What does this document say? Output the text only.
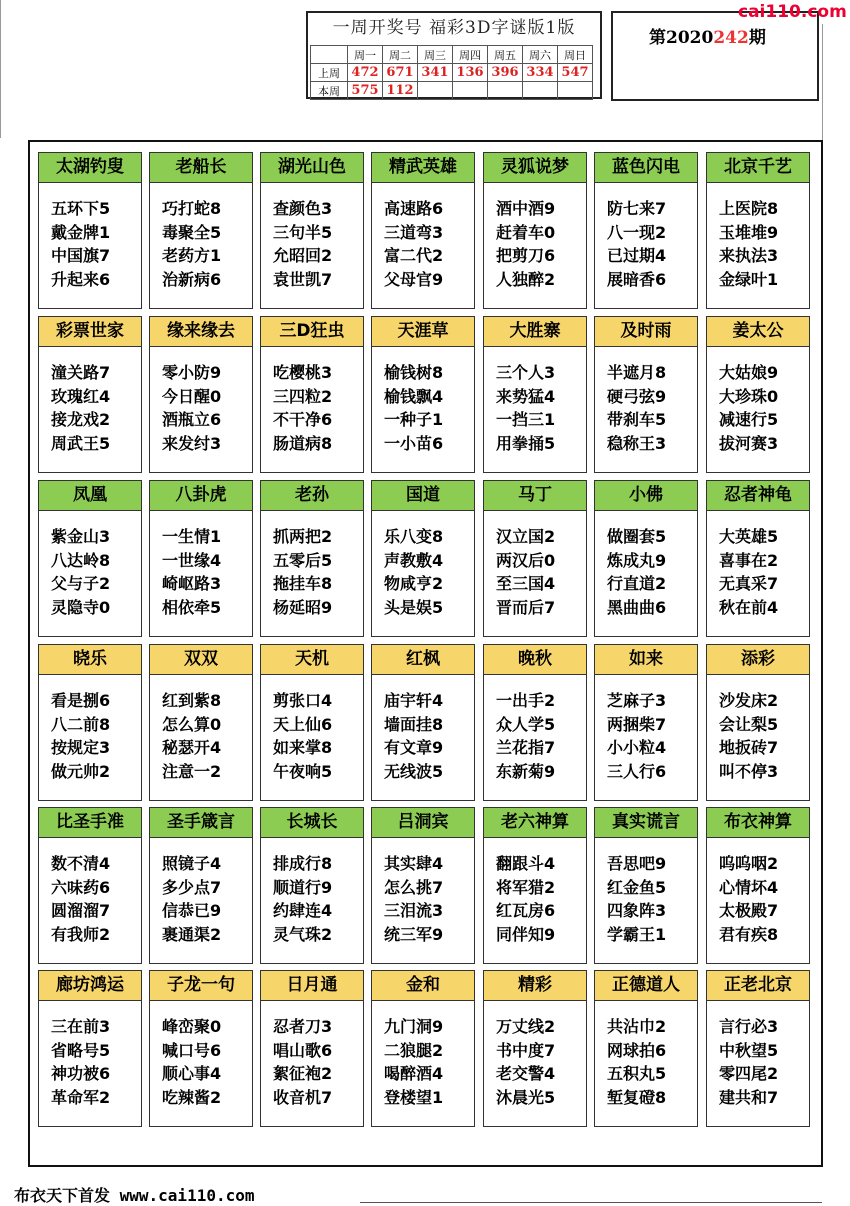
一周开奖号 福彩3D字谜版1版
	周一	周二	周三	周四	周五	周六	周日
上周	472	671	341	136	396	334	547
本周	575	112					
第2020242期
cai110.com
太湖钓叟
五环下5
戴金牌1
中国旗7
升起来6
老船长
巧打蛇8
毒聚全5
老药方1
治新病6
湖光山色
查颜色3
三句半5
允昭回2
袁世凯7
精武英雄
高速路6
三道弯3
富二代2
父母官9
灵狐说梦
酒中酒9
赶着车0
把剪刀6
人独醉2
蓝色闪电
防七来7
八一现2
已过期4
展暗香6
北京千艺
上医院8
玉堆堆9
来执法3
金绿叶1
彩票世家
潼关路7
玫瑰红4
接龙戏2
周武王5
缘来缘去
零小防9
今日醒0
酒瓶立6
来发纣3
三D狂虫
吃樱桃3
三四粒2
不干净6
肠道病8
天涯草
榆钱树8
榆钱飘4
一种子1
一小苗6
大胜寨
三个人3
来势猛4
一挡三1
用拳捅5
及时雨
半遮月8
硬弓弦9
带刹车5
稳称王3
姜太公
大姑娘9
大珍珠0
减速行5
拔河赛3
凤凰
紫金山3
八达岭8
父与子2
灵隐寺0
八卦虎
一生情1
一世缘4
崎岖路3
相依牵5
老孙
抓两把2
五零后5
拖挂车8
杨延昭9
国道
乐八变8
声教敷4
物咸亨2
头是娱5
马丁
汉立国2
两汉后0
至三国4
晋而后7
小佛
做圈套5
炼成丸9
行直道2
黑曲曲6
忍者神龟
大英雄5
喜事在2
无真采7
秋在前4
晓乐
看是捌6
八二前8
按规定3
做元帅2
双双
红到紫8
怎么算0
秘瑟开4
注意一2
天机
剪张口4
天上仙6
如来掌8
午夜响5
红枫
庙宇轩4
墙面挂8
有文章9
无线波5
晚秋
一出手2
众人学5
兰花指7
东新菊9
如来
芝麻子3
两捆柴7
小小粒4
三人行6
添彩
沙发床2
会让梨5
地扳砖7
叫不停3
比圣手准
数不清4
六味药6
圆溜溜7
有我师2
圣手箴言
照镜子4
多少点7
信恭已9
裹通渠2
长城长
排成行8
顺道行9
约肆连4
灵气珠2
吕洞宾
其实肆4
怎么挑7
三泪流3
统三军9
老六神算
翻跟斗4
将军猎2
红瓦房6
同伴知9
真实谎言
吾思吧9
红金鱼5
四象阵3
学霸王1
布衣神算
呜呜咽2
心情坏4
太极殿7
君有疾8
廊坊鸿运
三在前3
省略号5
神功被6
革命军2
子龙一句
峰峦聚0
喊口号6
顺心事4
吃辣酱2
日月通
忍者刀3
唱山歌6
絮征袍2
收音机7
金和
九门洞9
二狼腿2
喝醉酒4
登楼望1
精彩
万丈线2
书中度7
老交警4
沐晨光5
正德道人
共沾巾2
网球拍6
五积丸5
堑复磴8
正老北京
言行必3
中秋望5
零四尾2
建共和7
布衣天下首发 www.cai110.com
